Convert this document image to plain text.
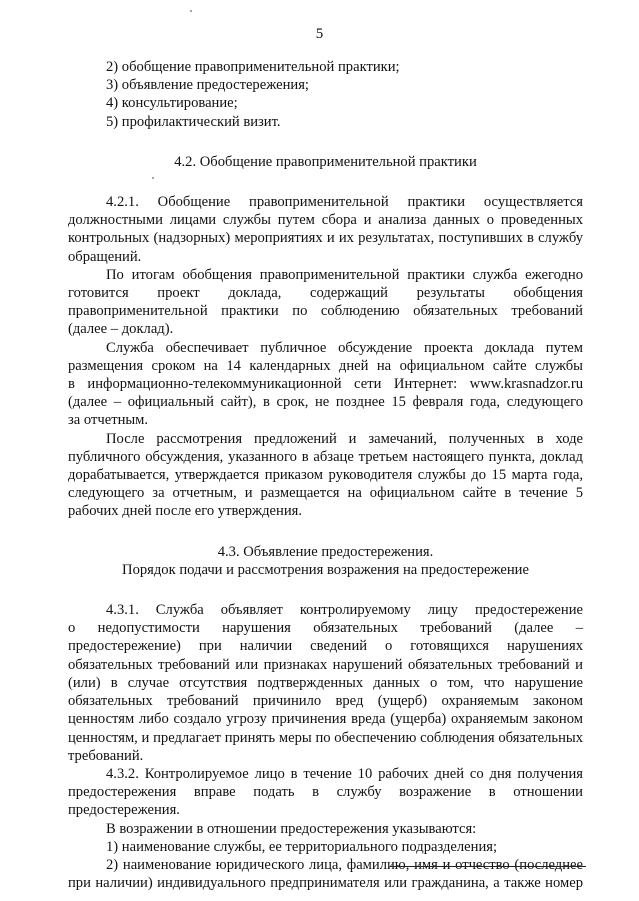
5
2) обобщение правоприменительной практики;
3) объявление предостережения;
4) консультирование;
5) профилактический визит.
4.2. Обобщение правоприменительной практики
4.2.1. Обобщение правоприменительной практики осуществляется
должностными лицами службы путем сбора и анализа данных о проведенных
контрольных (надзорных) мероприятиях и их результатах, поступивших в службу
обращений.
По итогам обобщения правоприменительной практики служба ежегодно
готовится проект доклада, содержащий результаты обобщения
правоприменительной практики по соблюдению обязательных требований
(далее – доклад).
Служба обеспечивает публичное обсуждение проекта доклада путем
размещения сроком на 14 календарных дней на официальном сайте службы
в информационно-телекоммуникационной сети Интернет: www.krasnadzor.ru
(далее – официальный сайт), в срок, не позднее 15 февраля года, следующего
за отчетным.
После рассмотрения предложений и замечаний, полученных в ходе
публичного обсуждения, указанного в абзаце третьем настоящего пункта, доклад
дорабатывается, утверждается приказом руководителя службы до 15 марта года,
следующего за отчетным, и размещается на официальном сайте в течение 5
рабочих дней после его утверждения.
4.3. Объявление предостережения.
Порядок подачи и рассмотрения возражения на предостережение
4.3.1. Служба объявляет контролируемому лицу предостережение
о недопустимости нарушения обязательных требований (далее –
предостережение) при наличии сведений о готовящихся нарушениях
обязательных требований или признаках нарушений обязательных требований и
(или) в случае отсутствия подтвержденных данных о том, что нарушение
обязательных требований причинило вред (ущерб) охраняемым законом
ценностям либо создало угрозу причинения вреда (ущерба) охраняемым законом
ценностям, и предлагает принять меры по обеспечению соблюдения обязательных
требований.
4.3.2. Контролируемое лицо в течение 10 рабочих дней со дня получения
предостережения вправе подать в службу возражение в отношении
предостережения.
В возражении в отношении предостережения указываются:
1) наименование службы, ее территориального подразделения;
2) наименование юридического лица, фамилию, имя и отчество (последнее
при наличии) индивидуального предпринимателя или гражданина, а также номер
